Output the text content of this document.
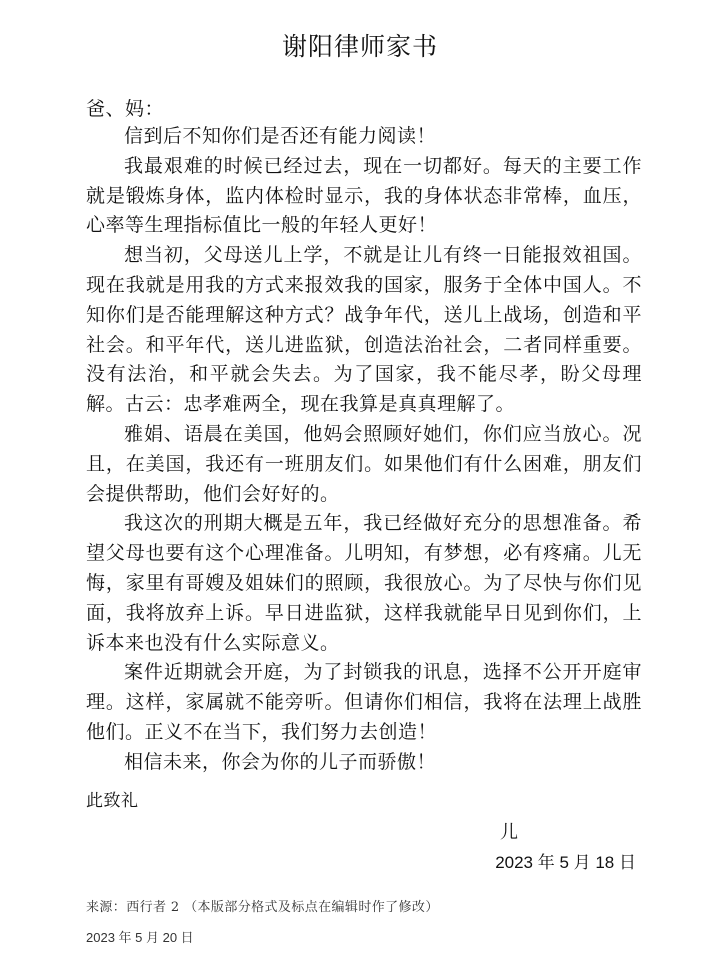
谢阳律师家书
爸、妈：

信到后不知你们是否还有能力阅读！

我最艰难的时候已经过去，现在一切都好。每天的主要工作就是锻炼身体，监内体检时显示，我的身体状态非常棒，血压，心率等生理指标值比一般的年轻人更好！

想当初，父母送儿上学，不就是让儿有终一日能报效祖国。现在我就是用我的方式来报效我的国家，服务于全体中国人。不知你们是否能理解这种方式？战争年代，送儿上战场，创造和平社会。和平年代，送儿进监狱，创造法治社会，二者同样重要。没有法治，和平就会失去。为了国家，我不能尽孝，盼父母理解。古云：忠孝难两全，现在我算是真真理解了。

雅娟、语晨在美国，他妈会照顾好她们，你们应当放心。况且，在美国，我还有一班朋友们。如果他们有什么困难，朋友们会提供帮助，他们会好好的。

我这次的刑期大概是五年，我已经做好充分的思想准备。希望父母也要有这个心理准备。儿明知，有梦想，必有疼痛。儿无悔，家里有哥嫂及姐妹们的照顾，我很放心。为了尽快与你们见面，我将放弃上诉。早日进监狱，这样我就能早日见到你们，上诉本来也没有什么实际意义。

案件近期就会开庭，为了封锁我的讯息，选择不公开开庭审理。这样，家属就不能旁听。但请你们相信，我将在法理上战胜他们。正义不在当下，我们努力去创造！

相信未来，你会为你的儿子而骄傲！

此致礼
儿
2023 年 5 月 18 日
来源：西行者 2 （本版部分格式及标点在编辑时作了修改）
2023 年 5 月 20 日
